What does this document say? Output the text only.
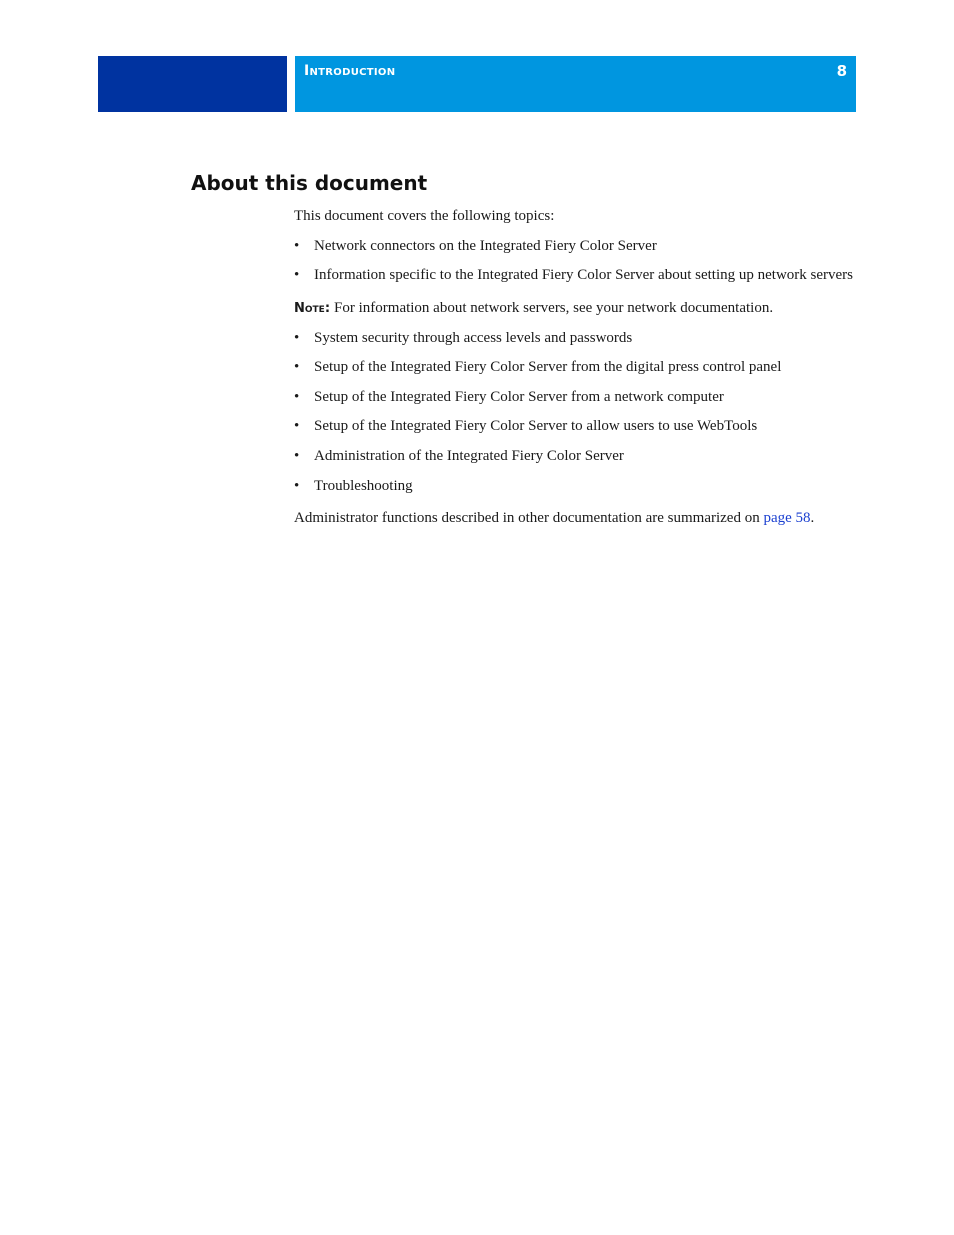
Introduction	8
About this document

This document covers the following topics:

• Network connectors on the Integrated Fiery Color Server
• Information specific to the Integrated Fiery Color Server about setting up network servers

Note: For information about network servers, see your network documentation.

• System security through access levels and passwords
• Setup of the Integrated Fiery Color Server from the digital press control panel
• Setup of the Integrated Fiery Color Server from a network computer
• Setup of the Integrated Fiery Color Server to allow users to use WebTools
• Administration of the Integrated Fiery Color Server
• Troubleshooting

Administrator functions described in other documentation are summarized on page 58.
